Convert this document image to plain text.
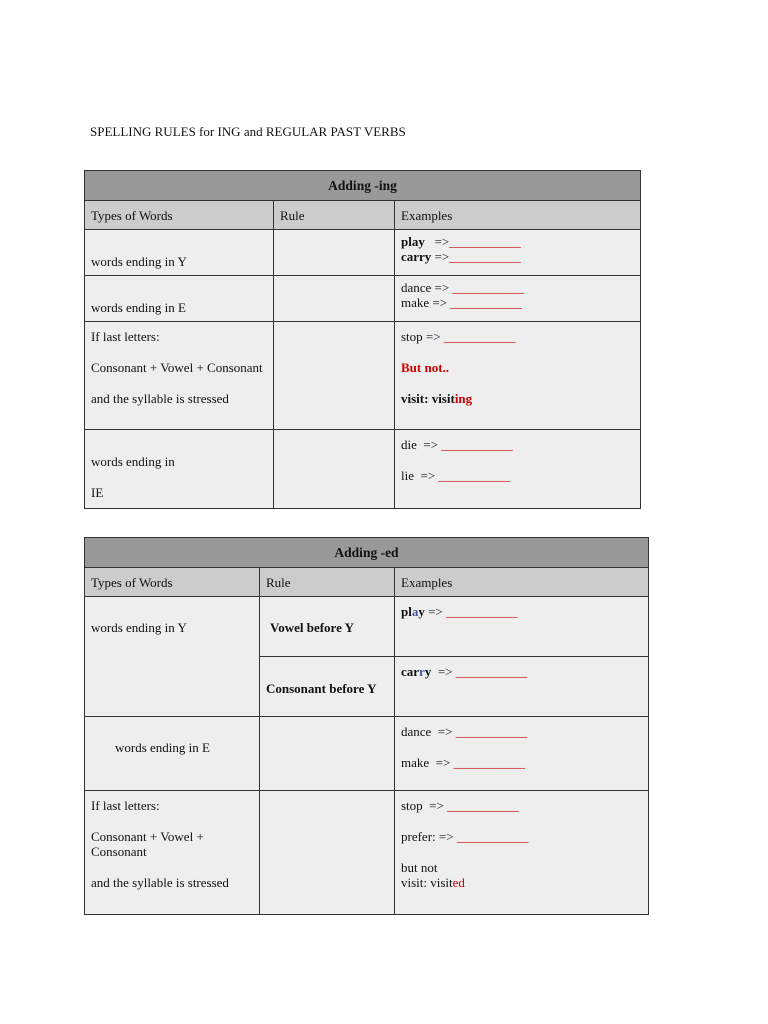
SPELLING RULES for ING and REGULAR PAST VERBS
Adding -ing		
Types of Words	Rule	Examples
words ending in Y		play   =>___________
carry =>___________

words ending in E		dance => ___________
make => ___________

If last letters:
Consonant + Vowel + Consonant
and the syllable is stressed		stop => ___________
But not..
visit: visiting

words ending in
IE		die  => ___________
lie  => ___________
Adding -ed		
Types of Words	Rule	Examples

words ending in Y	Vowel before Y	play => ___________

	Consonant before Y	carry  => ___________

words ending in E		dance  => ___________
make  => ___________

If last letters:
Consonant + Vowel + Consonant
and the syllable is stressed		stop  => ___________
prefer: => ___________
but not
visit: visited
